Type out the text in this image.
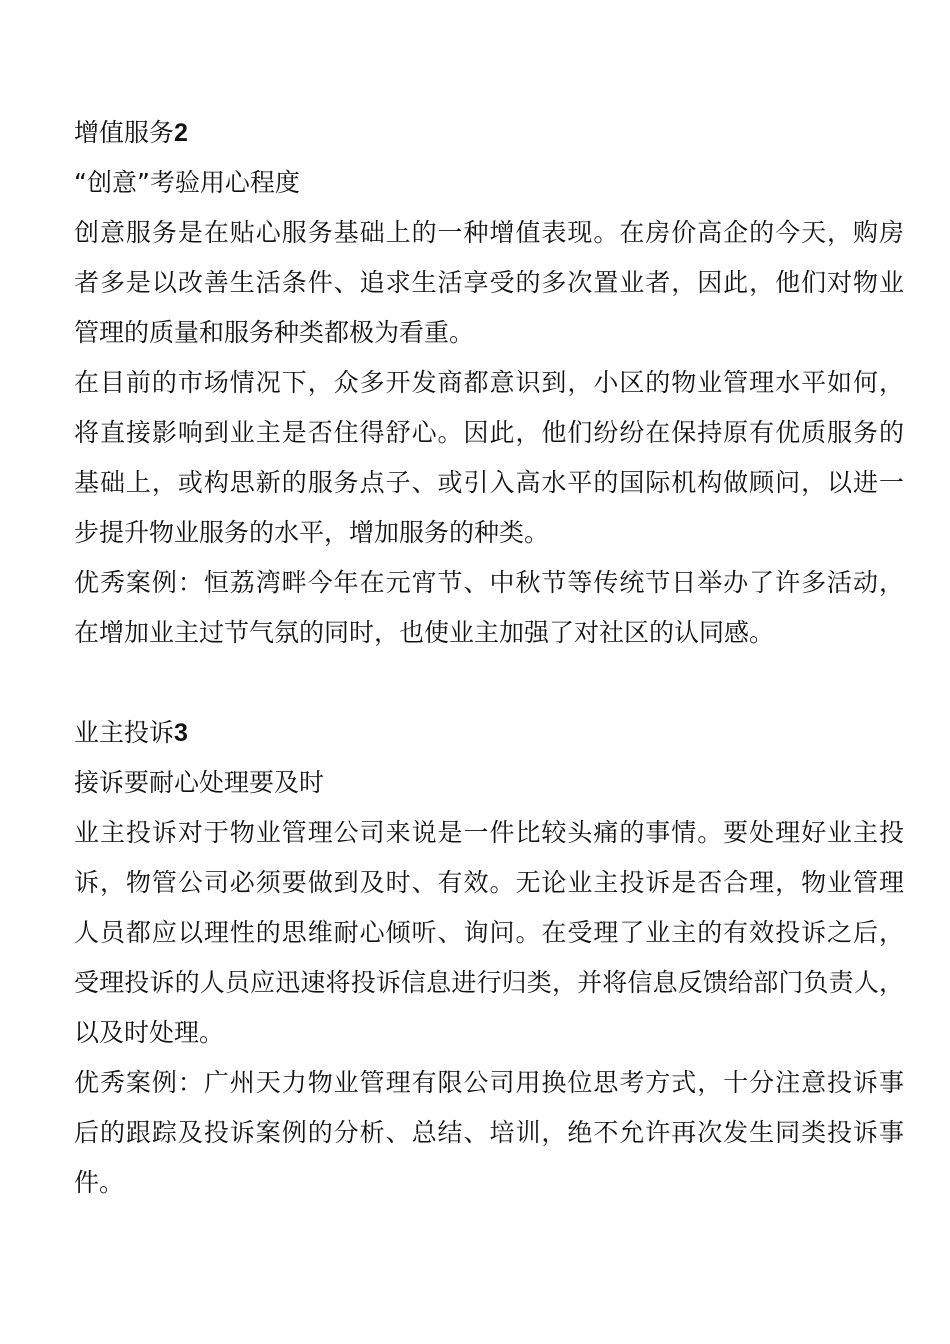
增值服务2
“创意”考验用心程度
创意服务是在贴心服务基础上的一种增值表现。在房价高企的今天，购房
者多是以改善生活条件、追求生活享受的多次置业者，因此，他们对物业
管理的质量和服务种类都极为看重。
在目前的市场情况下，众多开发商都意识到，小区的物业管理水平如何，
将直接影响到业主是否住得舒心。因此，他们纷纷在保持原有优质服务的
基础上，或构思新的服务点子、或引入高水平的国际机构做顾问，以进一
步提升物业服务的水平，增加服务的种类。
优秀案例：恒荔湾畔今年在元宵节、中秋节等传统节日举办了许多活动，
在增加业主过节气氛的同时，也使业主加强了对社区的认同感。
业主投诉3
接诉要耐心处理要及时
业主投诉对于物业管理公司来说是一件比较头痛的事情。要处理好业主投
诉，物管公司必须要做到及时、有效。无论业主投诉是否合理，物业管理
人员都应以理性的思维耐心倾听、询问。在受理了业主的有效投诉之后，
受理投诉的人员应迅速将投诉信息进行归类，并将信息反馈给部门负责人，
以及时处理。
优秀案例：广州天力物业管理有限公司用换位思考方式，十分注意投诉事
后的跟踪及投诉案例的分析、总结、培训，绝不允许再次发生同类投诉事
件。
